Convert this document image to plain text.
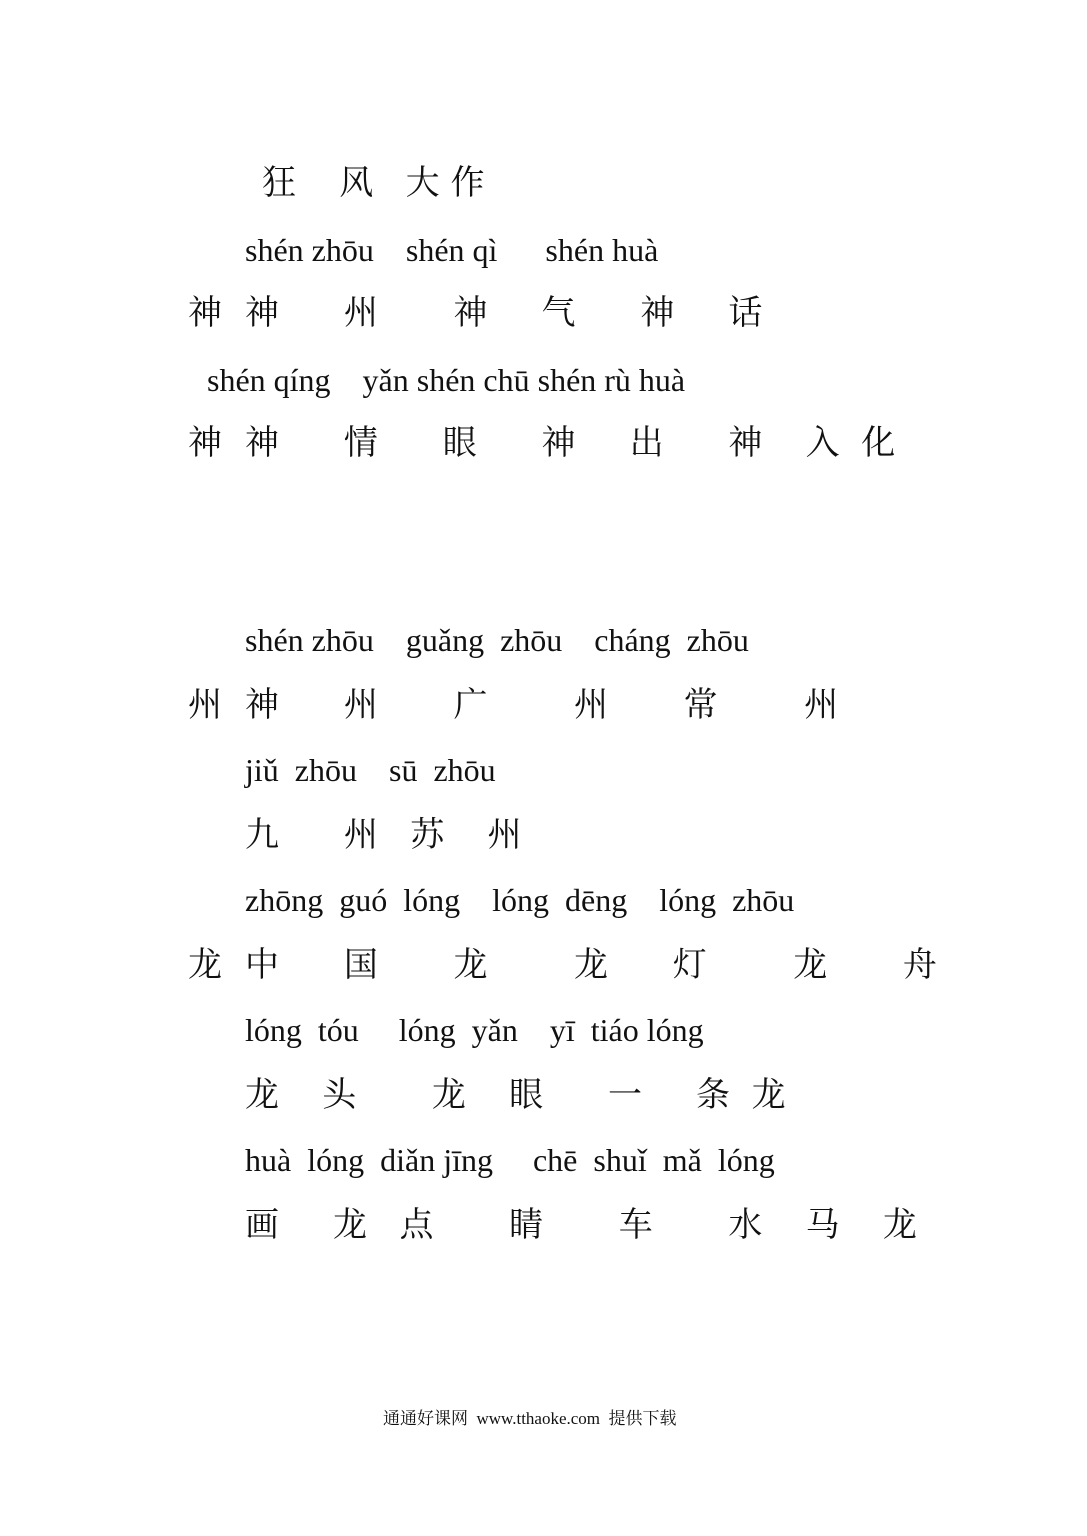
狂    风   大 作
shén zhōu    shén qì      shén huà
神 神      州       神     气      神     话
shén qíng    yǎn shén chū shén rù huà
神 神      情      眼      神     出      神    入  化
shén zhōu    guǎng  zhōu    cháng  zhōu
州 神      州       广        州       常        州
jiǔ  zhōu    sū  zhōu
九      州   苏    州
zhōng  guó  lóng    lóng  dēng    lóng  zhōu
龙 中      国       龙        龙      灯        龙       舟
lóng  tóu     lóng  yǎn    yī  tiáo lóng
龙    头       龙    眼      一     条  龙
huà  lóng  diǎn jīng     chē  shuǐ  mǎ  lóng
画     龙   点       睛       车       水    马    龙
通通好课网  www.tthaoke.com  提供下载
